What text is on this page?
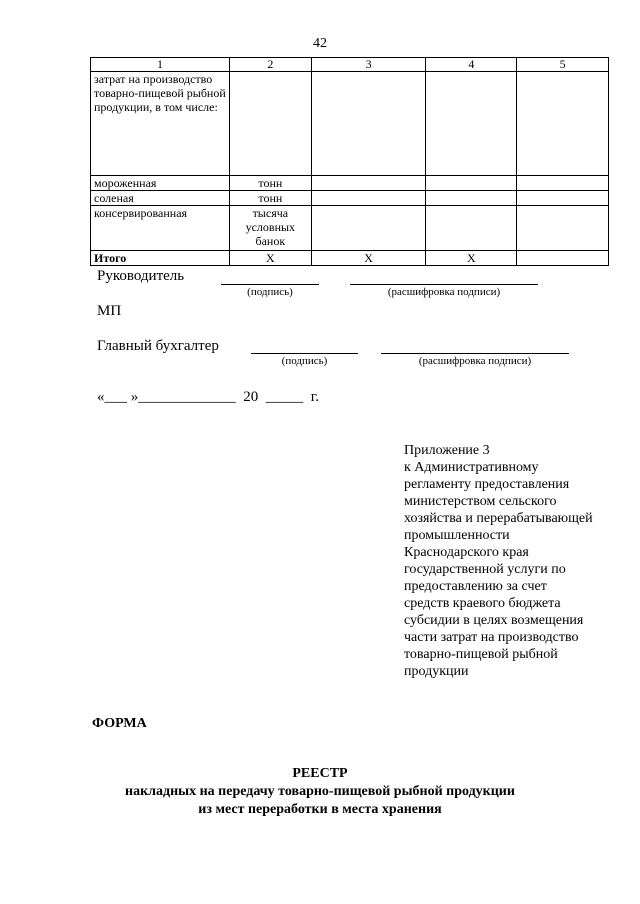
42
1	2	3	4	5
затрат на производство товарно-пищевой рыбной продукции, в том числе:				
мороженная	тонн			
соленая	тонн			
консервированная	тысяча условных банок			
Итого	Х	Х	Х	
Руководитель
(подпись)	(расшифровка подписи)
МП
Главный бухгалтер
(подпись)	(расшифровка подписи)
«___ »_____________  20  _____  г.
Приложение 3
к Административному
регламенту предоставления
министерством сельского
хозяйства и перерабатывающей
промышленности
Краснодарского края
государственной услуги по
предоставлению за счет
средств краевого бюджета
субсидии в целях возмещения
части затрат на производство
товарно-пищевой рыбной
продукции
ФОРМА
РЕЕСТР
накладных на передачу товарно-пищевой рыбной продукции
из мест переработки в места хранения
